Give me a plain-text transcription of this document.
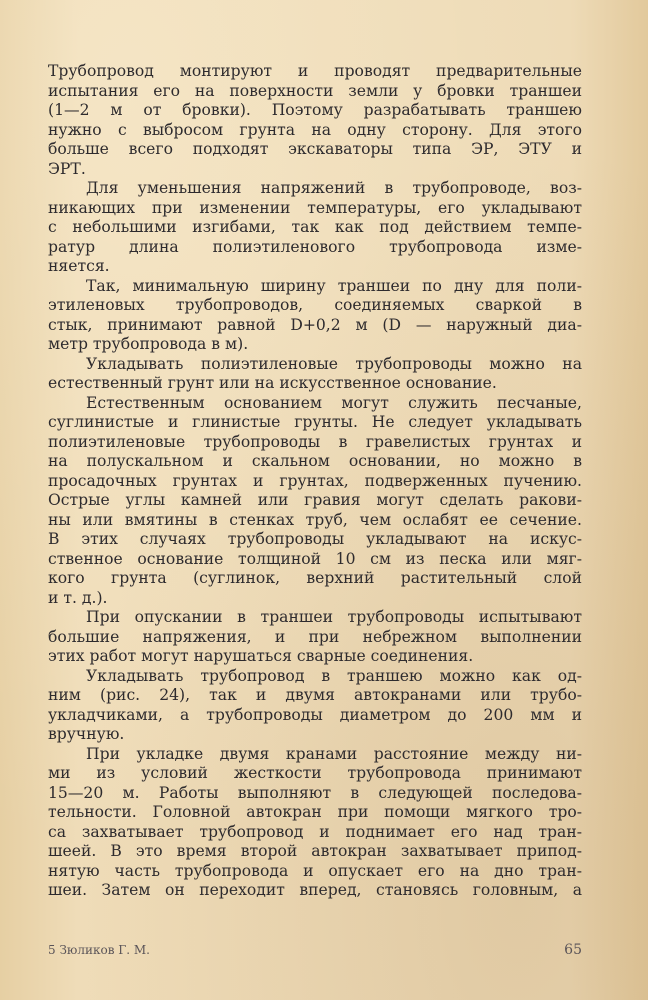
Трубопровод монтируют и проводят предварительные
испытания его на поверхности земли у бровки траншеи
(1—2 м от бровки). Поэтому разрабатывать траншею
нужно с выбросом грунта на одну сторону. Для этого
больше всего подходят экскаваторы типа ЭР, ЭТУ и
ЭРТ.
Для уменьшения напряжений в трубопроводе, воз-
никающих при изменении температуры, его укладывают
с небольшими изгибами, так как под действием темпе-
ратур длина полиэтиленового трубопровода изме-
няется.
Так, минимальную ширину траншеи по дну для поли-
этиленовых трубопроводов, соединяемых сваркой в
стык, принимают равной D+0,2 м (D — наружный диа-
метр трубопровода в м).
Укладывать полиэтиленовые трубопроводы можно на
естественный грунт или на искусственное основание.
Естественным основанием могут служить песчаные,
суглинистые и глинистые грунты. Не следует укладывать
полиэтиленовые трубопроводы в гравелистых грунтах и
на полускальном и скальном основании, но можно в
просадочных грунтах и грунтах, подверженных пучению.
Острые углы камней или гравия могут сделать ракови-
ны или вмятины в стенках труб, чем ослабят ее сечение.
В этих случаях трубопроводы укладывают на искус-
ственное основание толщиной 10 см из песка или мяг-
кого грунта (суглинок, верхний растительный слой
и т. д.).
При опускании в траншеи трубопроводы испытывают
большие напряжения, и при небрежном выполнении
этих работ могут нарушаться сварные соединения.
Укладывать трубопровод в траншею можно как од-
ним (рис. 24), так и двумя автокранами или трубо-
укладчиками, а трубопроводы диаметром до 200 мм и
вручную.
При укладке двумя кранами расстояние между ни-
ми из условий жесткости трубопровода принимают
15—20 м. Работы выполняют в следующей последова-
тельности. Головной автокран при помощи мягкого тро-
са захватывает трубопровод и поднимает его над тран-
шеей. В это время второй автокран захватывает припод-
нятую часть трубопровода и опускает его на дно тран-
шеи. Затем он переходит вперед, становясь головным, а
5 Зюликов Г. М.	65
